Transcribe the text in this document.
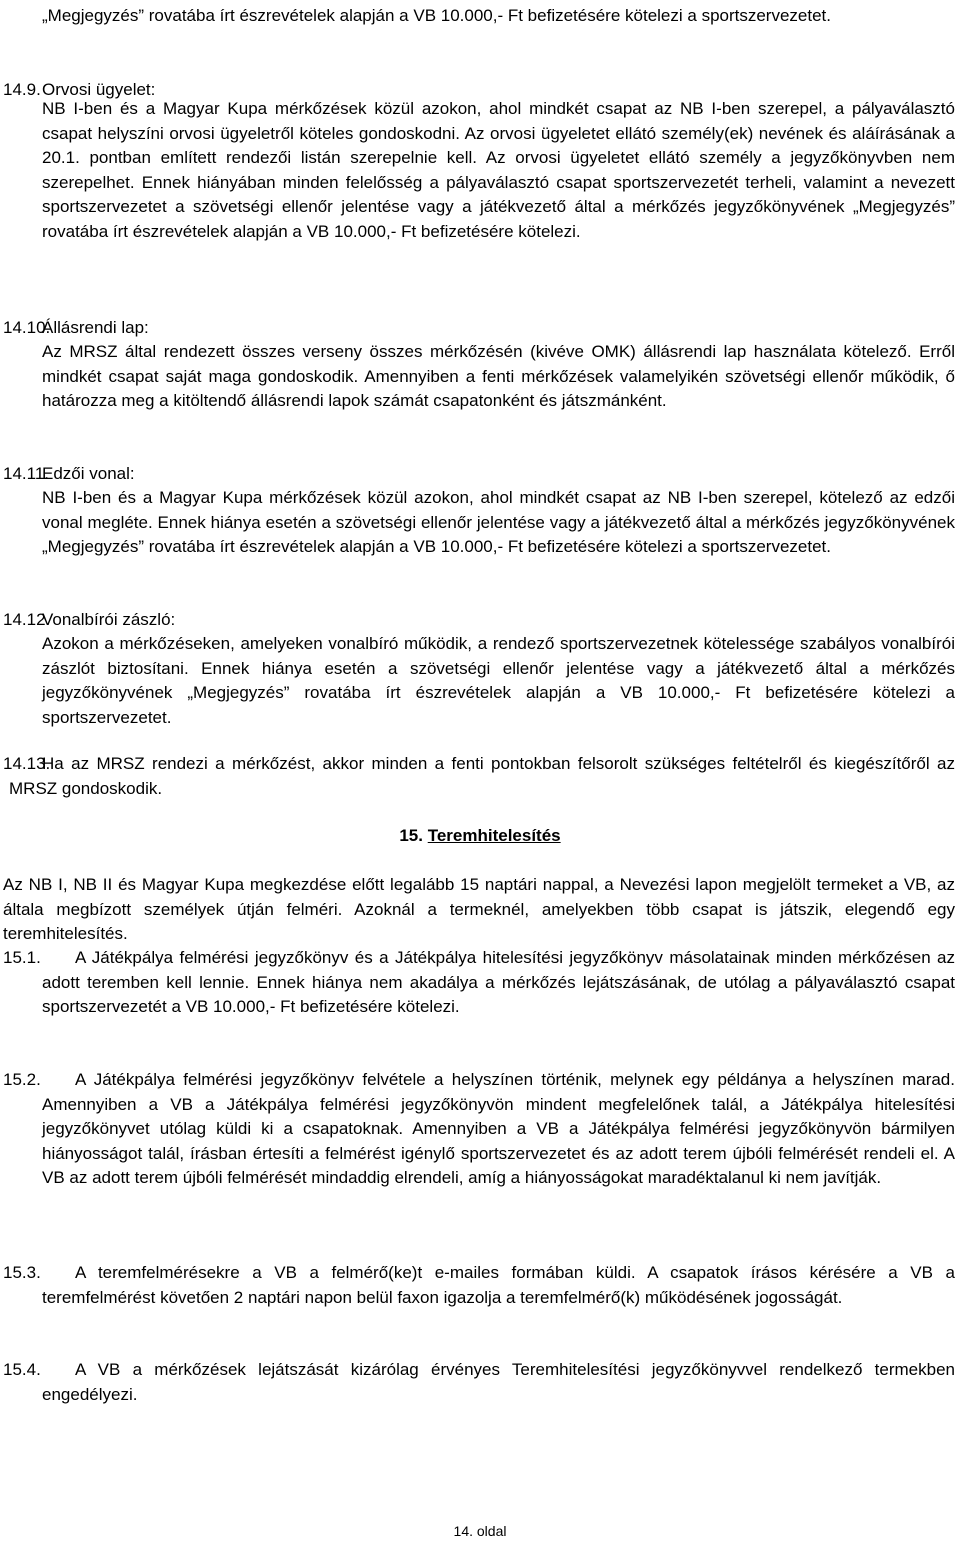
„Megjegyzés” rovatába írt észrevételek alapján a VB 10.000,- Ft befizetésére kötelezi a sportszervezetet.

14.9. Orvosi ügyelet:

NB I-ben és a Magyar Kupa mérkőzések közül azokon, ahol mindkét csapat az NB I-ben szerepel, a pályaválasztó csapat helyszíni orvosi ügyeletről köteles gondoskodni. Az orvosi ügyeletet ellátó személy(ek) nevének és aláírásának a 20.1. pontban említett rendezői listán szerepelnie kell. Az orvosi ügyeletet ellátó személy a jegyzőkönyvben nem szerepelhet. Ennek hiányában minden felelősség a pályaválasztó csapat sportszervezetét terheli, valamint a nevezett sportszervezetet a szövetségi ellenőr jelentése vagy a játékvezető által a mérkőzés jegyzőkönyvének „Megjegyzés” rovatába írt észrevételek alapján a VB 10.000,- Ft befizetésére kötelezi.

14.10.

Állásrendi lap:

Az MRSZ által rendezett összes verseny összes mérkőzésén (kivéve OMK) állásrendi lap használata kötelező. Erről mindkét csapat saját maga gondoskodik. Amennyiben a fenti mérkőzések valamelyikén szövetségi ellenőr működik, ő határozza meg a kitöltendő állásrendi lapok számát csapatonként és játszmánként.

14.11.

Edzői vonal:

NB I-ben és a Magyar Kupa mérkőzések közül azokon, ahol mindkét csapat az NB I-ben szerepel, kötelező az edzői vonal megléte. Ennek hiánya esetén a szövetségi ellenőr jelentése vagy a játékvezető által a mérkőzés jegyzőkönyvének „Megjegyzés” rovatába írt észrevételek alapján a VB 10.000,- Ft befizetésére kötelezi a sportszervezetet.

14.12.

Vonalbírói zászló:

Azokon a mérkőzéseken, amelyeken vonalbíró működik, a rendező sportszervezetnek kötelessége szabályos vonalbírói zászlót biztosítani. Ennek hiánya esetén a szövetségi ellenőr jelentése vagy a játékvezető által a mérkőzés jegyzőkönyvének „Megjegyzés” rovatába írt észrevételek alapján a VB 10.000,- Ft befizetésére kötelezi a sportszervezetet.

14.13.

Ha az MRSZ rendezi a mérkőzést, akkor minden a fenti pontokban felsorolt szükséges feltételről és kiegészítőről az MRSZ gondoskodik.

15. Teremhitelesítés

Az NB I, NB II és Magyar Kupa megkezdése előtt legalább 15 naptári nappal, a Nevezési lapon megjelölt termeket a VB, az általa megbízott személyek útján felméri. Azoknál a termeknél, amelyekben több csapat is játszik, elegendő egy teremhitelesítés.

15.1.	A Játékpálya felmérési jegyzőkönyv és a Játékpálya hitelesítési jegyzőkönyv másolatainak minden mérkőzésen az adott teremben kell lennie. Ennek hiánya nem akadálya a mérkőzés lejátszásának, de utólag a pályaválasztó csapat sportszervezetét a VB 10.000,- Ft befizetésére kötelezi.

15.2.	A Játékpálya felmérési jegyzőkönyv felvétele a helyszínen történik, melynek egy példánya a helyszínen marad. Amennyiben a VB a Játékpálya felmérési jegyzőkönyvön mindent megfelelőnek talál, a Játékpálya hitelesítési jegyzőkönyvet utólag küldi ki a csapatoknak. Amennyiben a VB a Játékpálya felmérési jegyzőkönyvön bármilyen hiányosságot talál, írásban értesíti a felmérést igénylő sportszervezetet és az adott terem újbóli felmérését rendeli el. A VB az adott terem újbóli felmérését mindaddig elrendeli, amíg a hiányosságokat maradéktalanul ki nem javítják.

15.3.	A teremfelmérésekre a VB a felmérő(ke)t e-mailes formában küldi. A csapatok írásos kérésére a VB a teremfelmérést követően 2 naptári napon belül faxon igazolja a teremfelmérő(k) működésének jogosságát.

15.4.	A VB a mérkőzések lejátszását kizárólag érvényes Teremhitelesítési jegyzőkönyvvel rendelkező termekben engedélyezi.

14. oldal
